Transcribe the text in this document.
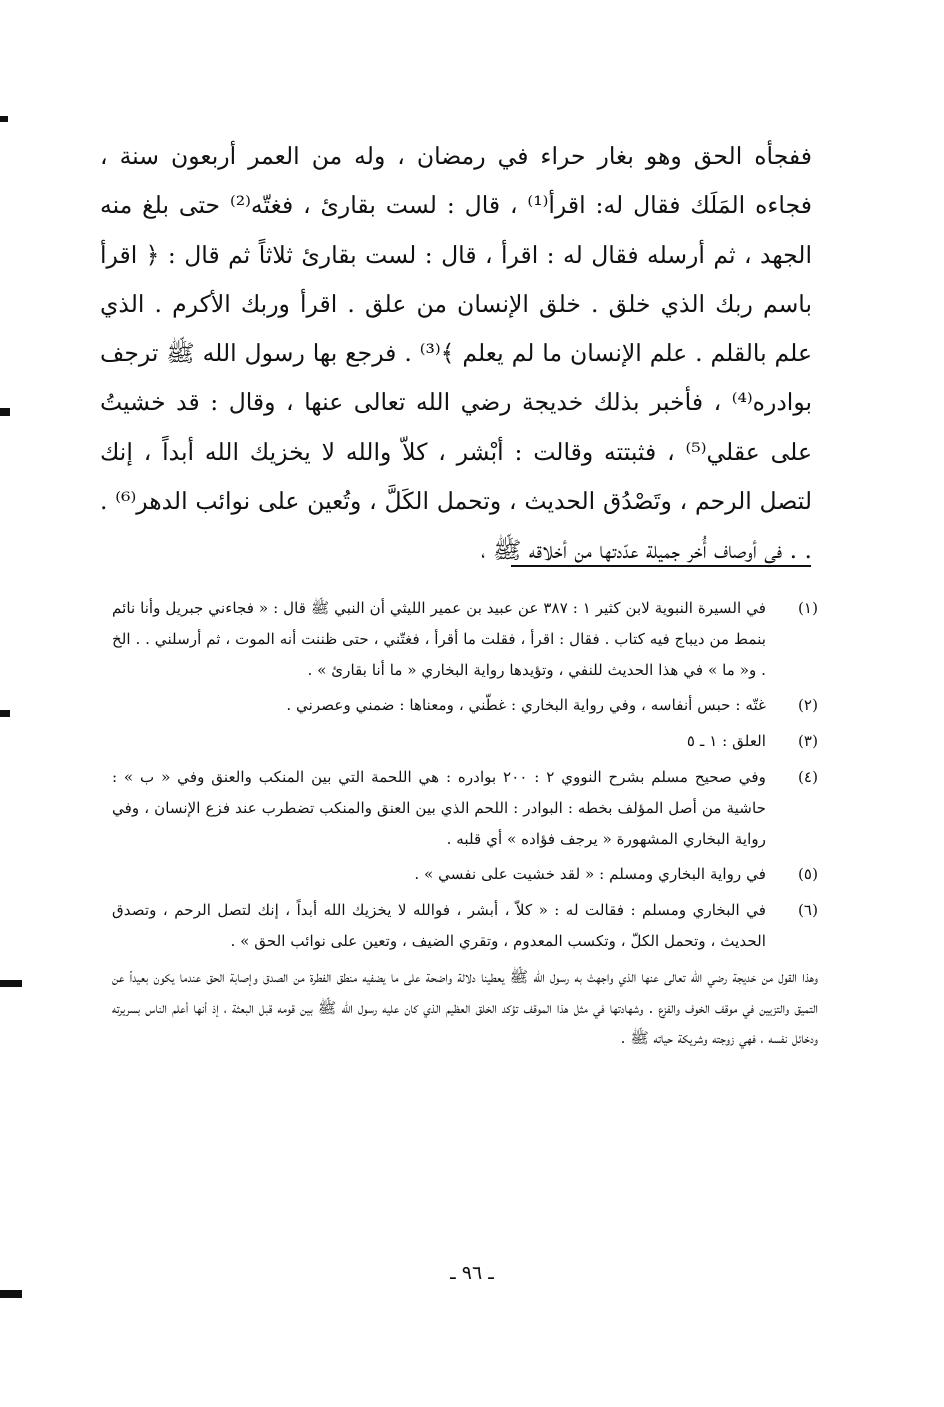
ففجأه الحق وهو بغار حراء في رمضان ، وله من العمر أربعون سنة ، فجاءه المَلَك فقال له: اقرأ⁽¹⁾ ، قال : لست بقارئ ، فغتّه⁽²⁾ حتى بلغ منه الجهد ، ثم أرسله فقال له : اقرأ ، قال : لست بقارئ ثلاثاً ثم قال : ﴿ اقرأ باسم ربك الذي خلق . خلق الإنسان من علق . اقرأ وربك الأكرم . الذي علم بالقلم . علم الإنسان ما لم يعلم ﴾⁽³⁾ . فرجع بها رسول الله ﷺ ترجف بوادره⁽⁴⁾ ، فأخبر بذلك خديجة رضي الله تعالى عنها ، وقال : قد خشيتُ على عقلي⁽⁵⁾ ، فثبتته وقالت : أبْشر ، كلاّ والله لا يخزيك الله أبداً ، إنك لتصل الرحم ، وتَصْدُق الحديث ، وتحمل الكَلَّ ، وتُعين على نوائب الدهر⁽⁶⁾ . . . في أوصاف أُخر جميلة عدّدتها من أخلاقه ﷺ ،

(١)
في السيرة النبوية لابن كثير ١ : ٣٨٧ عن عبيد بن عمير الليثي أن النبي ﷺ قال : « فجاءني جبريل وأنا نائم بنمط من ديباج فيه كتاب . فقال : اقرأ ، فقلت ما أقرأ ، فغتّني ، حتى ظننت أنه الموت ، ثم أرسلني . . الخ . و« ما » في هذا الحديث للنفي ، وتؤيدها رواية البخاري « ما أنا بقارئ » .
(٢)
غتّه : حبس أنفاسه ، وفي رواية البخاري : غطّني ، ومعناها : ضمني وعصرني .
(٣)
العلق : ١ ـ ٥
(٤)
وفي صحيح مسلم بشرح النووي ٢ : ٢٠٠ بوادره : هي اللحمة التي بين المنكب والعنق وفي « ب » : حاشية من أصل المؤلف بخطه : البوادر : اللحم الذي بين العنق والمنكب تضطرب عند فزع الإنسان ، وفي رواية البخاري المشهورة « يرجف فؤاده » أي قلبه .
(٥)
في رواية البخاري ومسلم : « لقد خشيت على نفسي » .
(٦)
في البخاري ومسلم : فقالت له : « كلاّ ، أبشر ، فوالله لا يخزيك الله أبداً ، إنك لتصل الرحم ، وتصدق الحديث ، وتحمل الكلّ ، وتكسب المعدوم ، وتقري الضيف ، وتعين على نوائب الحق » .
وهذا القول من خديجة رضي الله تعالى عنها الذي واجهتْ به رسول الله ﷺ يعطينا دلالة واضحة على ما يضفيه منطق الفطرة من الصدق وإصابة الحق عندما يكون بعيداً عن التميق والتزيين في موقف الخوف والفزع . وشهادتها في مثل هذا الموقف تؤكد الخلق العظيم الذي كان عليه رسول الله ﷺ بين قومه قبل البعثة ، إذ أنها أعلم الناس بسريرته ودخائل نفسه ، فهي زوجته وشريكة حياته ﷺ .
ـ ٩٦ ـ
